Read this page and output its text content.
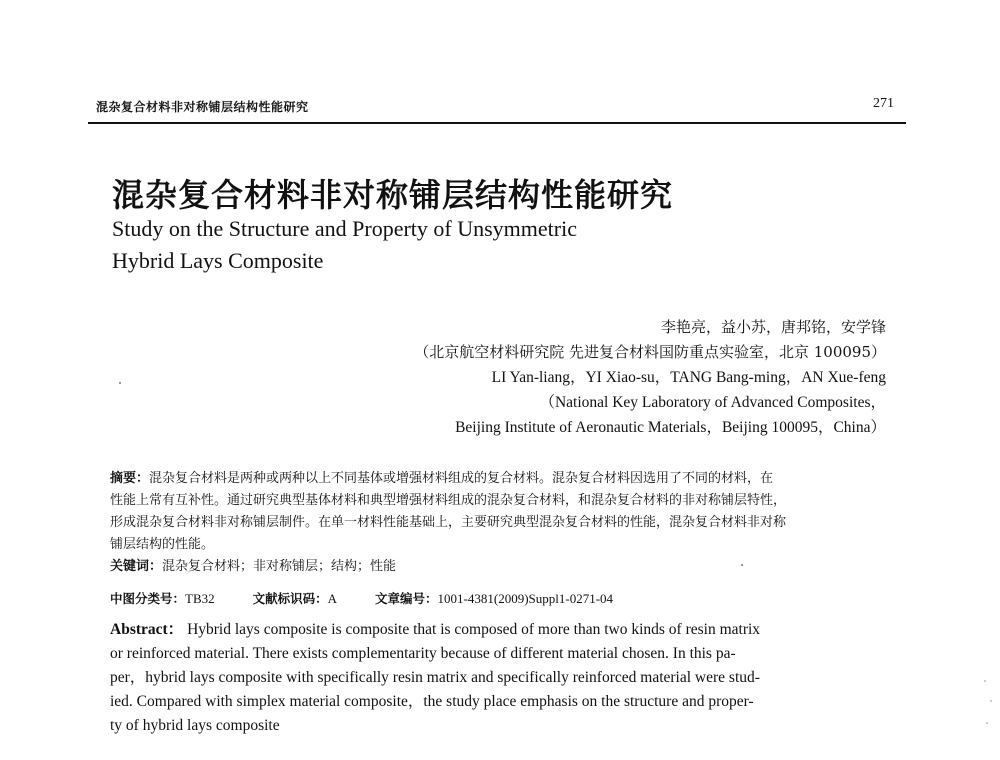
混杂复合材料非对称铺层结构性能研究	271
混杂复合材料非对称铺层结构性能研究
Study on the Structure and Property of Unsymmetric
Hybrid Lays Composite
李艳亮，益小苏，唐邦铭，安学锋
（北京航空材料研究院 先进复合材料国防重点实验室，北京 100095）
LI Yan-liang，YI Xiao-su，TANG Bang-ming，AN Xue-feng
（National Key Laboratory of Advanced Composites，
Beijing Institute of Aeronautic Materials，Beijing 100095，China）
摘要：混杂复合材料是两种或两种以上不同基体或增强材料组成的复合材料。混杂复合材料因选用了不同的材料，在
性能上常有互补性。通过研究典型基体材料和典型增强材料组成的混杂复合材料，和混杂复合材料的非对称铺层特性，
形成混杂复合材料非对称铺层制件。在单一材料性能基础上，主要研究典型混杂复合材料的性能，混杂复合材料非对称
铺层结构的性能。
关键词：混杂复合材料；非对称铺层；结构；性能
中图分类号：TB32	文献标识码：A	文章编号：1001-4381(2009)Suppl1-0271-04
Abstract： Hybrid lays composite is composite that is composed of more than two kinds of resin matrix
or reinforced material. There exists complementarity because of different material chosen. In this pa-
per，hybrid lays composite with specifically resin matrix and specifically reinforced material were stud-
ied. Compared with simplex material composite，the study place emphasis on the structure and proper-
ty of hybrid lays composite
